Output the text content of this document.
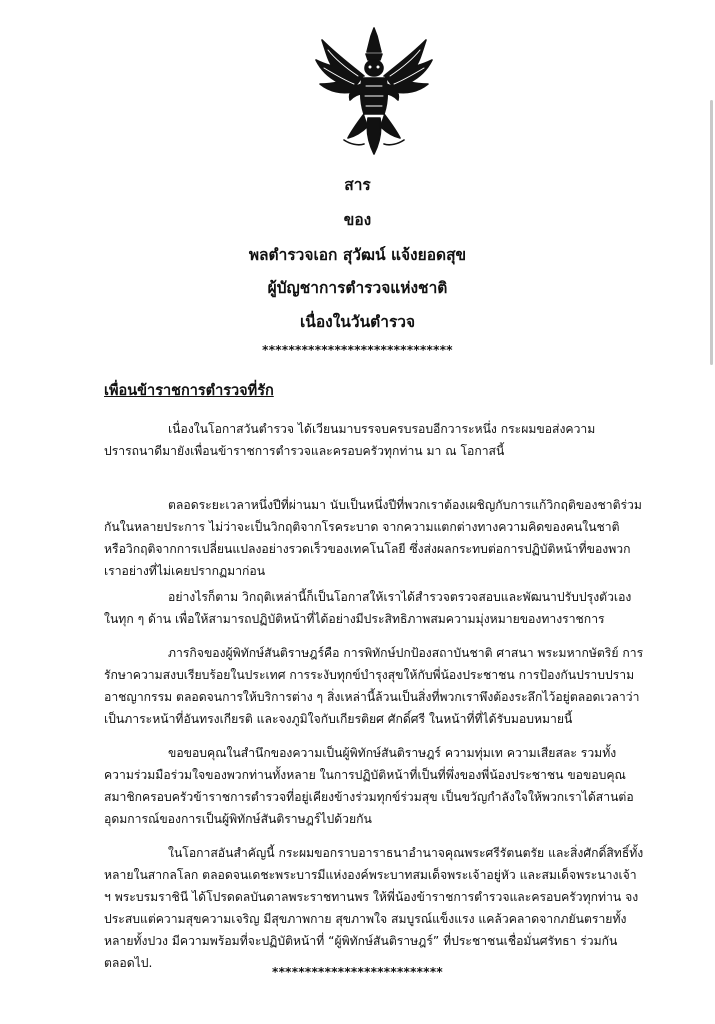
สาร
ของ
พลตำรวจเอก สุวัฒน์ แจ้งยอดสุข
ผู้บัญชาการตำรวจแห่งชาติ
เนื่องในวันตำรวจ
*****************************
เพื่อนข้าราชการตำรวจที่รัก
เนื่องในโอกาสวันตำรวจ ได้เวียนมาบรรจบครบรอบอีกวาระหนึ่ง กระผมขอส่งความปรารถนาดีมายังเพื่อนข้าราชการตำรวจและครอบครัวทุกท่าน มา ณ โอกาสนี้
ตลอดระยะเวลาหนึ่งปีที่ผ่านมา นับเป็นหนึ่งปีที่พวกเราต้องเผชิญกับการแก้วิกฤติของชาติร่วมกันในหลายประการ ไม่ว่าจะเป็นวิกฤติจากโรคระบาด จากความแตกต่างทางความคิดของคนในชาติ หรือวิกฤติจากการเปลี่ยนแปลงอย่างรวดเร็วของเทคโนโลยี ซึ่งส่งผลกระทบต่อการปฏิบัติหน้าที่ของพวกเราอย่างที่ไม่เคยปรากฏมาก่อน
อย่างไรก็ตาม วิกฤติเหล่านี้ก็เป็นโอกาสให้เราได้สำรวจตรวจสอบและพัฒนาปรับปรุงตัวเองในทุก ๆ ด้าน เพื่อให้สามารถปฏิบัติหน้าที่ได้อย่างมีประสิทธิภาพสมความมุ่งหมายของทางราชการ
ภารกิจของผู้พิทักษ์สันติราษฎร์คือ การพิทักษ์ปกป้องสถาบันชาติ ศาสนา พระมหากษัตริย์ การรักษาความสงบเรียบร้อยในประเทศ การระงับทุกข์บำรุงสุขให้กับพี่น้องประชาชน การป้องกันปราบปรามอาชญากรรม ตลอดจนการให้บริการต่าง ๆ สิ่งเหล่านี้ล้วนเป็นสิ่งที่พวกเราพึงต้องระลึกไว้อยู่ตลอดเวลาว่าเป็นภาระหน้าที่อันทรงเกียรติ และจงภูมิใจกับเกียรติยศ ศักดิ์ศรี ในหน้าที่ที่ได้รับมอบหมายนี้
ขอขอบคุณในสำนึกของความเป็นผู้พิทักษ์สันติราษฎร์ ความทุ่มเท ความเสียสละ รวมทั้งความร่วมมือร่วมใจของพวกท่านทั้งหลาย ในการปฏิบัติหน้าที่เป็นที่พึ่งของพี่น้องประชาชน ขอขอบคุณสมาชิกครอบครัวข้าราชการตำรวจที่อยู่เคียงข้างร่วมทุกข์ร่วมสุข เป็นขวัญกำลังใจให้พวกเราได้สานต่ออุดมการณ์ของการเป็นผู้พิทักษ์สันติราษฎร์ไปด้วยกัน
ในโอกาสอันสำคัญนี้ กระผมขอกราบอาราธนาอำนาจคุณพระศรีรัตนตรัย และสิ่งศักดิ์สิทธิ์ทั้งหลายในสากลโลก ตลอดจนเดชะพระบารมีแห่งองค์พระบาทสมเด็จพระเจ้าอยู่หัว และสมเด็จพระนางเจ้า ฯ พระบรมราชินี ได้โปรดดลบันดาลพระราชทานพร ให้พี่น้องข้าราชการตำรวจและครอบครัวทุกท่าน จงประสบแต่ความสุขความเจริญ มีสุขภาพกาย สุขภาพใจ สมบูรณ์แข็งแรง แคล้วคลาดจากภยันตรายทั้งหลายทั้งปวง มีความพร้อมที่จะปฏิบัติหน้าที่ “ผู้พิทักษ์สันติราษฎร์” ที่ประชาชนเชื่อมั่นศรัทธา ร่วมกันตลอดไป.
**************************
